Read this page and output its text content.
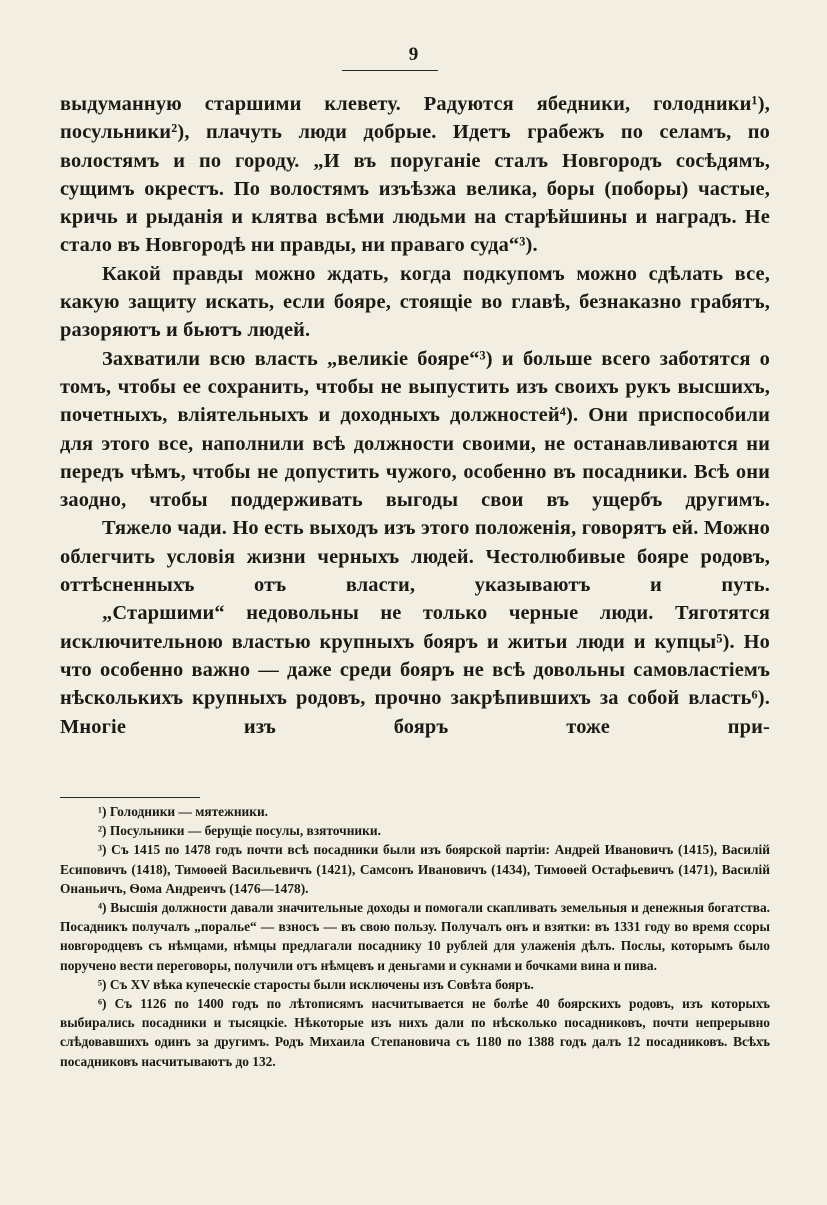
9

выдуманную старшими клевету. Радуются ябедники, голодники¹), посульники²), плачуть люди добрые. Идетъ грабежъ по селамъ, по волостямъ и по городу. „И въ поруганіе сталъ Новгородъ сосѣдямъ, сущимъ окрестъ. По волостямъ изъѣзжа велика, боры (поборы) частые, кричь и рыданія и клятва всѣми людьми на старѣйшины и наградъ. Не стало въ Новгородѣ ни правды, ни праваго суда“³).

Какой правды можно ждать, когда подкупомъ можно сдѣлать все, какую защиту искать, если бояре, стоящіе во главѣ, безнаказно грабятъ, разоряютъ и бьютъ людей.

Захватили всю власть „великіе бояре“³) и больше всего заботятся о томъ, чтобы ее сохранить, чтобы не выпустить изъ своихъ рукъ высшихъ, почетныхъ, вліятельныхъ и доходныхъ должностей⁴). Они приспособили для этого все, наполнили всѣ должности своими, не останавливаются ни передъ чѣмъ, чтобы не допустить чужого, особенно въ посадники. Всѣ они заодно, чтобы поддерживать выгоды свои въ ущербъ другимъ.

Тяжело чади. Но есть выходъ изъ этого положенія, говорятъ ей. Можно облегчить условія жизни черныхъ людей. Честолюбивые бояре родовъ, оттѣсненныхъ отъ власти, указываютъ и путь.

„Старшими“ недовольны не только черные люди. Тяготятся исключительною властью крупныхъ бояръ и житьи люди и купцы⁵). Но что особенно важно — даже среди бояръ не всѣ довольны самовластіемъ нѣсколькихъ крупныхъ родовъ, прочно закрѣпившихъ за собой власть⁶). Многіе изъ бояръ тоже при-

¹) Голодники — мятежники.

²) Посульники — берущіе посулы, взяточники.

³) Съ 1415 по 1478 годъ почти всѣ посадники были изъ боярской партіи: Андрей Ивановичъ (1415), Василій Есиповичъ (1418), Тимоѳей Васильевичъ (1421), Самсонъ Ивановичъ (1434), Тимоѳей Остафьевичъ (1471), Василій Онаньичъ, Ѳома Андреичъ (1476—1478).

⁴) Высшія должности давали значительные доходы и помогали скапливать земельныя и денежныя богатства. Посадникъ получалъ „поралье“ — взносъ — въ свою пользу. Получалъ онъ и взятки: въ 1331 году во время ссоры новгородцевъ съ нѣмцами, нѣмцы предлагали посаднику 10 рублей для улаженія дѣлъ. Послы, которымъ было поручено вести переговоры, получили отъ нѣмцевъ и деньгами и сукнами и бочками вина и пива.

⁵) Съ XV вѣка купеческіе старосты были исключены изъ Совѣта бояръ.

⁶) Съ 1126 по 1400 годъ по лѣтописямъ насчитывается не болѣе 40 боярскихъ родовъ, изъ которыхъ выбирались посадники и тысяцкіе. Нѣкоторые изъ нихъ дали по нѣсколько посадниковъ, почти непрерывно слѣдовавшихъ одинъ за другимъ. Родъ Михаила Степановича съ 1180 по 1388 годъ далъ 12 посадниковъ. Всѣхъ посадниковъ насчитываютъ до 132.
